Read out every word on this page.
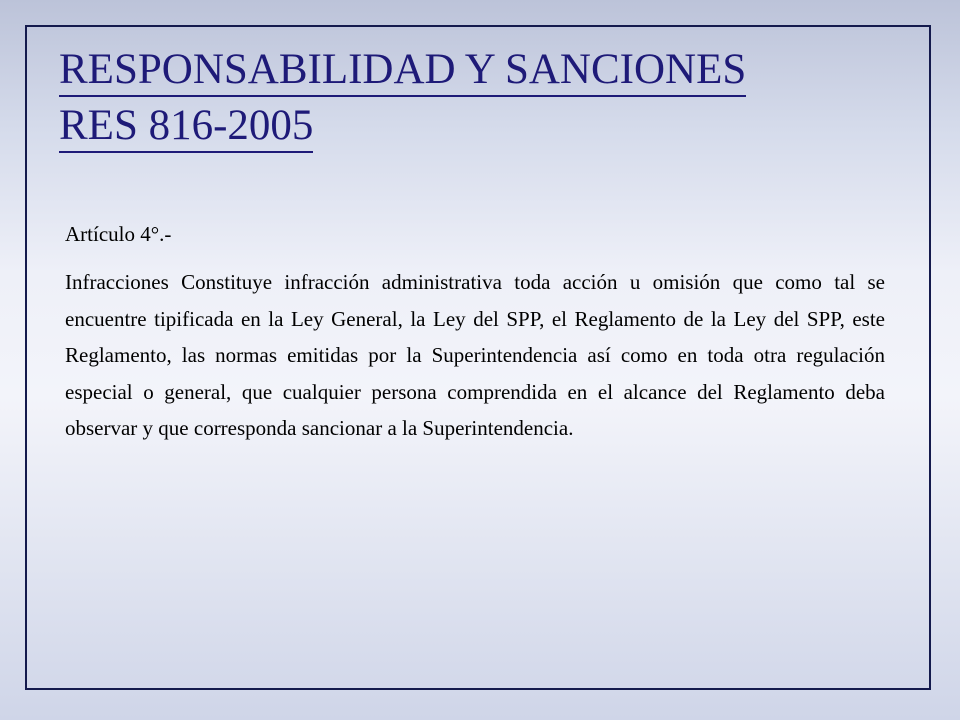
RESPONSABILIDAD Y SANCIONES
RES 816-2005

Artículo 4°.-

Infracciones Constituye infracción administrativa toda acción u omisión que como tal se encuentre tipificada en la Ley General, la Ley del SPP, el Reglamento de la Ley del SPP, este Reglamento, las normas emitidas por la Superintendencia así como en toda otra regulación especial o general, que cualquier persona comprendida en el alcance del Reglamento deba observar y que corresponda sancionar a la Superintendencia.
